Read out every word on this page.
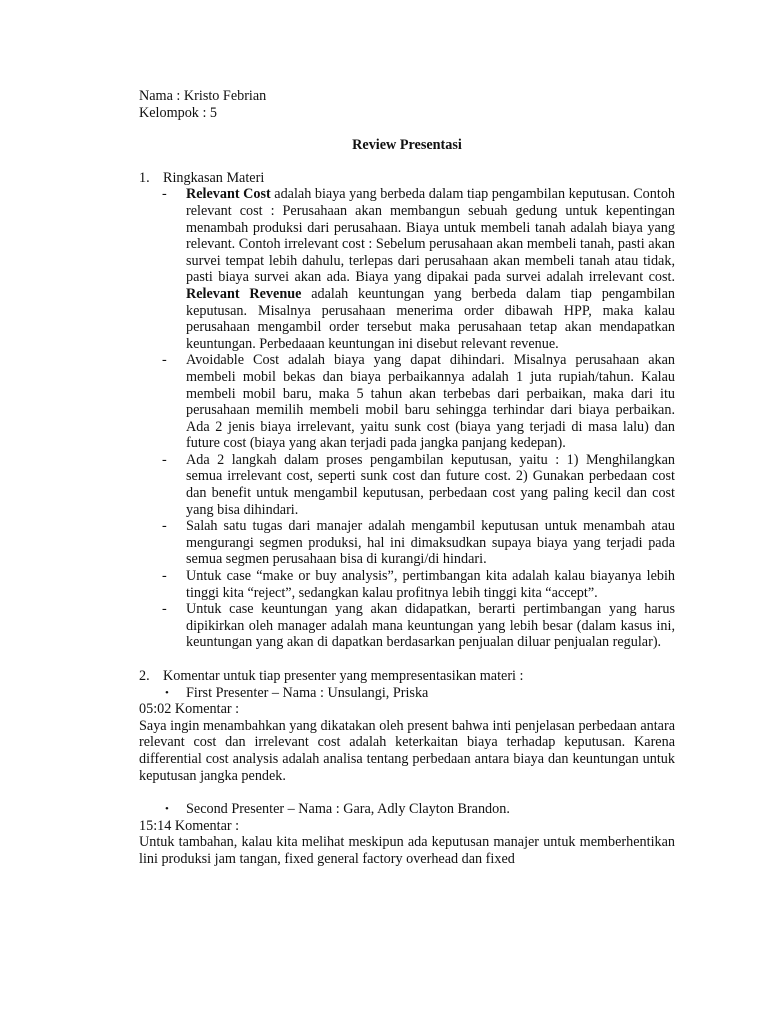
Nama : Kristo Febrian
Kelompok : 5
Review Presentasi
1. Ringkasan Materi
- Relevant Cost adalah biaya yang berbeda dalam tiap pengambilan keputusan. Contoh relevant cost : Perusahaan akan membangun sebuah gedung untuk kepentingan menambah produksi dari perusahaan. Biaya untuk membeli tanah adalah biaya yang relevant. Contoh irrelevant cost : Sebelum perusahaan akan membeli tanah, pasti akan survei tempat lebih dahulu, terlepas dari perusahaan akan membeli tanah atau tidak, pasti biaya survei akan ada. Biaya yang dipakai pada survei adalah irrelevant cost. Relevant Revenue adalah keuntungan yang berbeda dalam tiap pengambilan keputusan. Misalnya perusahaan menerima order dibawah HPP, maka kalau perusahaan mengambil order tersebut maka perusahaan tetap akan mendapatkan keuntungan. Perbedaaan keuntungan ini disebut relevant revenue.
- Avoidable Cost adalah biaya yang dapat dihindari. Misalnya perusahaan akan membeli mobil bekas dan biaya perbaikannya adalah 1 juta rupiah/tahun. Kalau membeli mobil baru, maka 5 tahun akan terbebas dari perbaikan, maka dari itu perusahaan memilih membeli mobil baru sehingga terhindar dari biaya perbaikan. Ada 2 jenis biaya irrelevant, yaitu sunk cost (biaya yang terjadi di masa lalu) dan future cost (biaya yang akan terjadi pada jangka panjang kedepan).
- Ada 2 langkah dalam proses pengambilan keputusan, yaitu : 1) Menghilangkan semua irrelevant cost, seperti sunk cost dan future cost. 2) Gunakan perbedaan cost dan benefit untuk mengambil keputusan, perbedaan cost yang paling kecil dan cost yang bisa dihindari.
- Salah satu tugas dari manajer adalah mengambil keputusan untuk menambah atau mengurangi segmen produksi, hal ini dimaksudkan supaya biaya yang terjadi pada semua segmen perusahaan bisa di kurangi/di hindari.
- Untuk case “make or buy analysis”, pertimbangan kita adalah kalau biayanya lebih tinggi kita “reject”, sedangkan kalau profitnya lebih tinggi kita “accept”.
- Untuk case keuntungan yang akan didapatkan, berarti pertimbangan yang harus dipikirkan oleh manager adalah mana keuntungan yang lebih besar (dalam kasus ini, keuntungan yang akan di dapatkan berdasarkan penjualan diluar penjualan regular).
2. Komentar untuk tiap presenter yang mempresentasikan materi :
• First Presenter – Nama : Unsulangi, Priska
05:02 Komentar :
Saya ingin menambahkan yang dikatakan oleh present bahwa inti penjelasan perbedaan antara relevant cost dan irrelevant cost adalah keterkaitan biaya terhadap keputusan. Karena differential cost analysis adalah analisa tentang perbedaan antara biaya dan keuntungan untuk keputusan jangka pendek.
• Second Presenter – Nama : Gara, Adly Clayton Brandon.
15:14 Komentar :
Untuk tambahan, kalau kita melihat meskipun ada keputusan manajer untuk memberhentikan lini produksi jam tangan, fixed general factory overhead dan fixed
